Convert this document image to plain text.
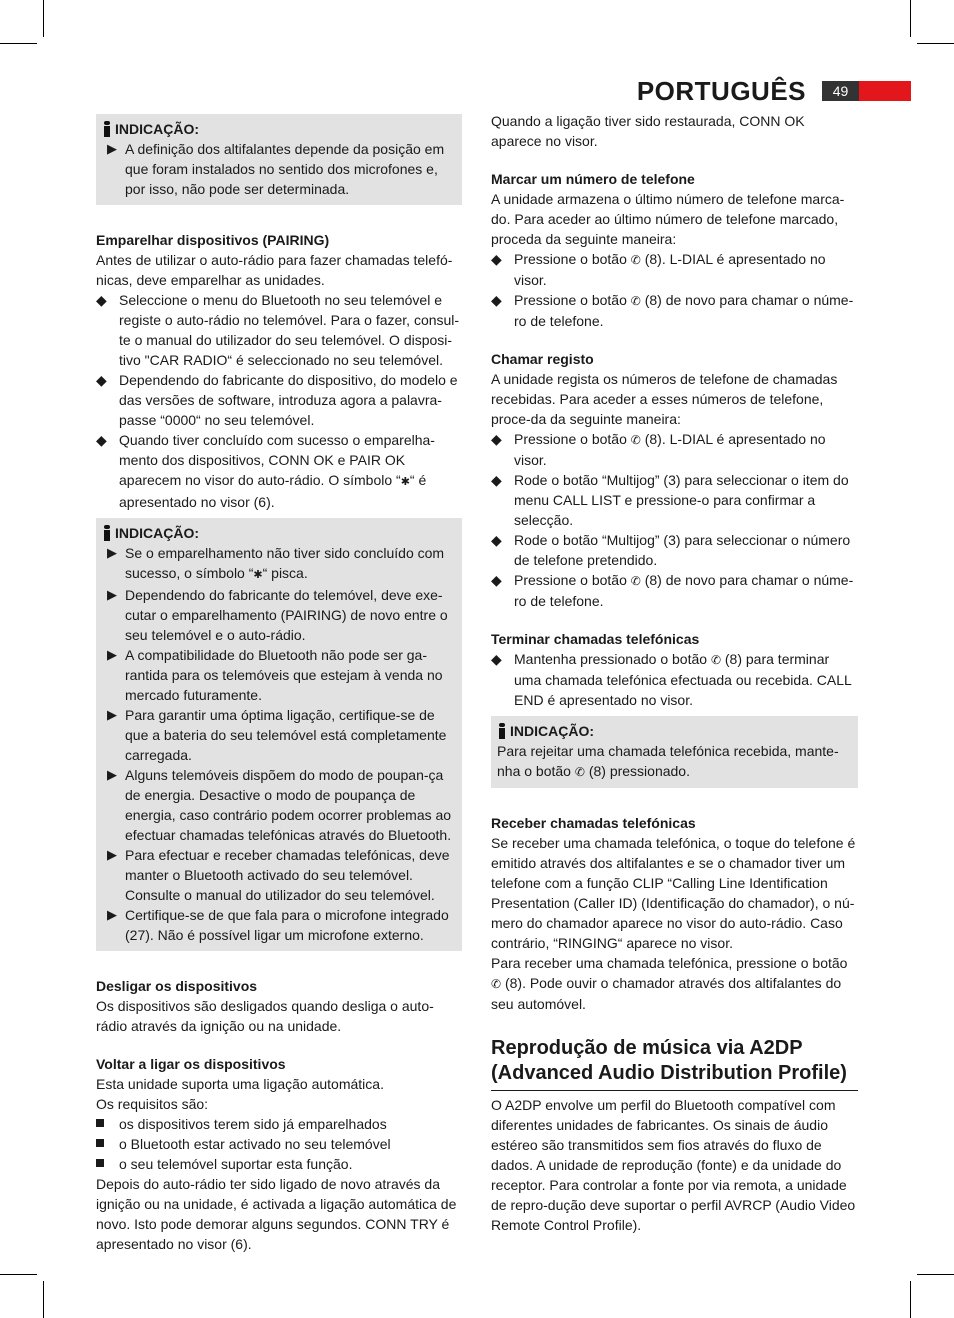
PORTUGUÊS	49
INDICAÇÃO:
▶ A definição dos altifalantes depende da posição em que foram instalados no sentido dos microfones e, por isso, não pode ser determinada.

Emparelhar dispositivos (PAIRING)

Antes de utilizar o auto-rádio para fazer chamadas telefó-nicas, deve emparelhar as unidades.

◆ Seleccione o menu do Bluetooth no seu telemóvel e registe o auto-rádio no telemóvel. Para o fazer, consul-te o manual do utilizador do seu telemóvel. O disposi-tivo "CAR RADIO“ é seleccionado no seu telemóvel.
◆ Dependendo do fabricante do dispositivo, do modelo e das versões de software, introduza agora a palavra-passe “0000“ no seu telemóvel.
◆ Quando tiver concluído com sucesso o emparelha-mento dos dispositivos, CONN OK e PAIR OK aparecem no visor do auto-rádio. O símbolo “✱“ é apresentado no visor (6).
INDICAÇÃO:
▶ Se o emparelhamento não tiver sido concluído com sucesso, o símbolo “✱“ pisca.
▶ Dependendo do fabricante do telemóvel, deve exe-cutar o emparelhamento (PAIRING) de novo entre o seu telemóvel e o auto-rádio.
▶ A compatibilidade do Bluetooth não pode ser ga-rantida para os telemóveis que estejam à venda no mercado futuramente.
▶ Para garantir uma óptima ligação, certifique-se de que a bateria do seu telemóvel está completamente carregada.
▶ Alguns telemóveis dispõem do modo de poupan-ça de energia. Desactive o modo de poupança de energia, caso contrário podem ocorrer problemas ao efectuar chamadas telefónicas através do Bluetooth.
▶ Para efectuar e receber chamadas telefónicas, deve manter o Bluetooth activado do seu telemóvel. Consulte o manual do utilizador do seu telemóvel.
▶ Certifique-se de que fala para o microfone integrado (27). Não é possível ligar um microfone externo.

Desligar os dispositivos

Os dispositivos são desligados quando desliga o auto-rádio através da ignição ou na unidade.

Voltar a ligar os dispositivos

Esta unidade suporta uma ligação automática.

Os requisitos são:

os dispositivos terem sido já emparelhados
o Bluetooth estar activado no seu telemóvel
o seu telemóvel suportar esta função.

Depois do auto-rádio ter sido ligado de novo através da ignição ou na unidade, é activada a ligação automática de novo. Isto pode demorar alguns segundos. CONN TRY é apresentado no visor (6).

Quando a ligação tiver sido restaurada, CONN OK aparece no visor.

Marcar um número de telefone

A unidade armazena o último número de telefone marca-do. Para aceder ao último número de telefone marcado, proceda da seguinte maneira:

◆ Pressione o botão ✆ (8). L-DIAL é apresentado no visor.
◆ Pressione o botão ✆ (8) de novo para chamar o núme-ro de telefone.

Chamar registo

A unidade regista os números de telefone de chamadas recebidas. Para aceder a esses números de telefone, proce-da da seguinte maneira:

◆ Pressione o botão ✆ (8). L-DIAL é apresentado no visor.
◆ Rode o botão “Multijog” (3) para seleccionar o item do menu CALL LIST e pressione-o para confirmar a selecção.
◆ Rode o botão “Multijog” (3) para seleccionar o número de telefone pretendido.
◆ Pressione o botão ✆ (8) de novo para chamar o núme-ro de telefone.

Terminar chamadas telefónicas

◆ Mantenha pressionado o botão ✆ (8) para terminar uma chamada telefónica efectuada ou recebida. CALL END é apresentado no visor.
INDICAÇÃO:

Para rejeitar uma chamada telefónica recebida, mante-nha o botão ✆ (8) pressionado.

Receber chamadas telefónicas

Se receber uma chamada telefónica, o toque do telefone é emitido através dos altifalantes e se o chamador tiver um telefone com a função CLIP “Calling Line Identification Presentation (Caller ID) (Identificação do chamador), o nú-mero do chamador aparece no visor do auto-rádio. Caso contrário, “RINGING“ aparece no visor.

Para receber uma chamada telefónica, pressione o botão ✆ (8). Pode ouvir o chamador através dos altifalantes do seu automóvel.

Reprodução de música via A2DP
(Advanced Audio Distribution Profile)

O A2DP envolve um perfil do Bluetooth compatível com diferentes unidades de fabricantes. Os sinais de áudio estéreo são transmitidos sem fios através do fluxo de dados. A unidade de reprodução (fonte) e da unidade do receptor. Para controlar a fonte por via remota, a unidade de repro-dução deve suportar o perfil AVRCP (Audio Video Remote Control Profile).
